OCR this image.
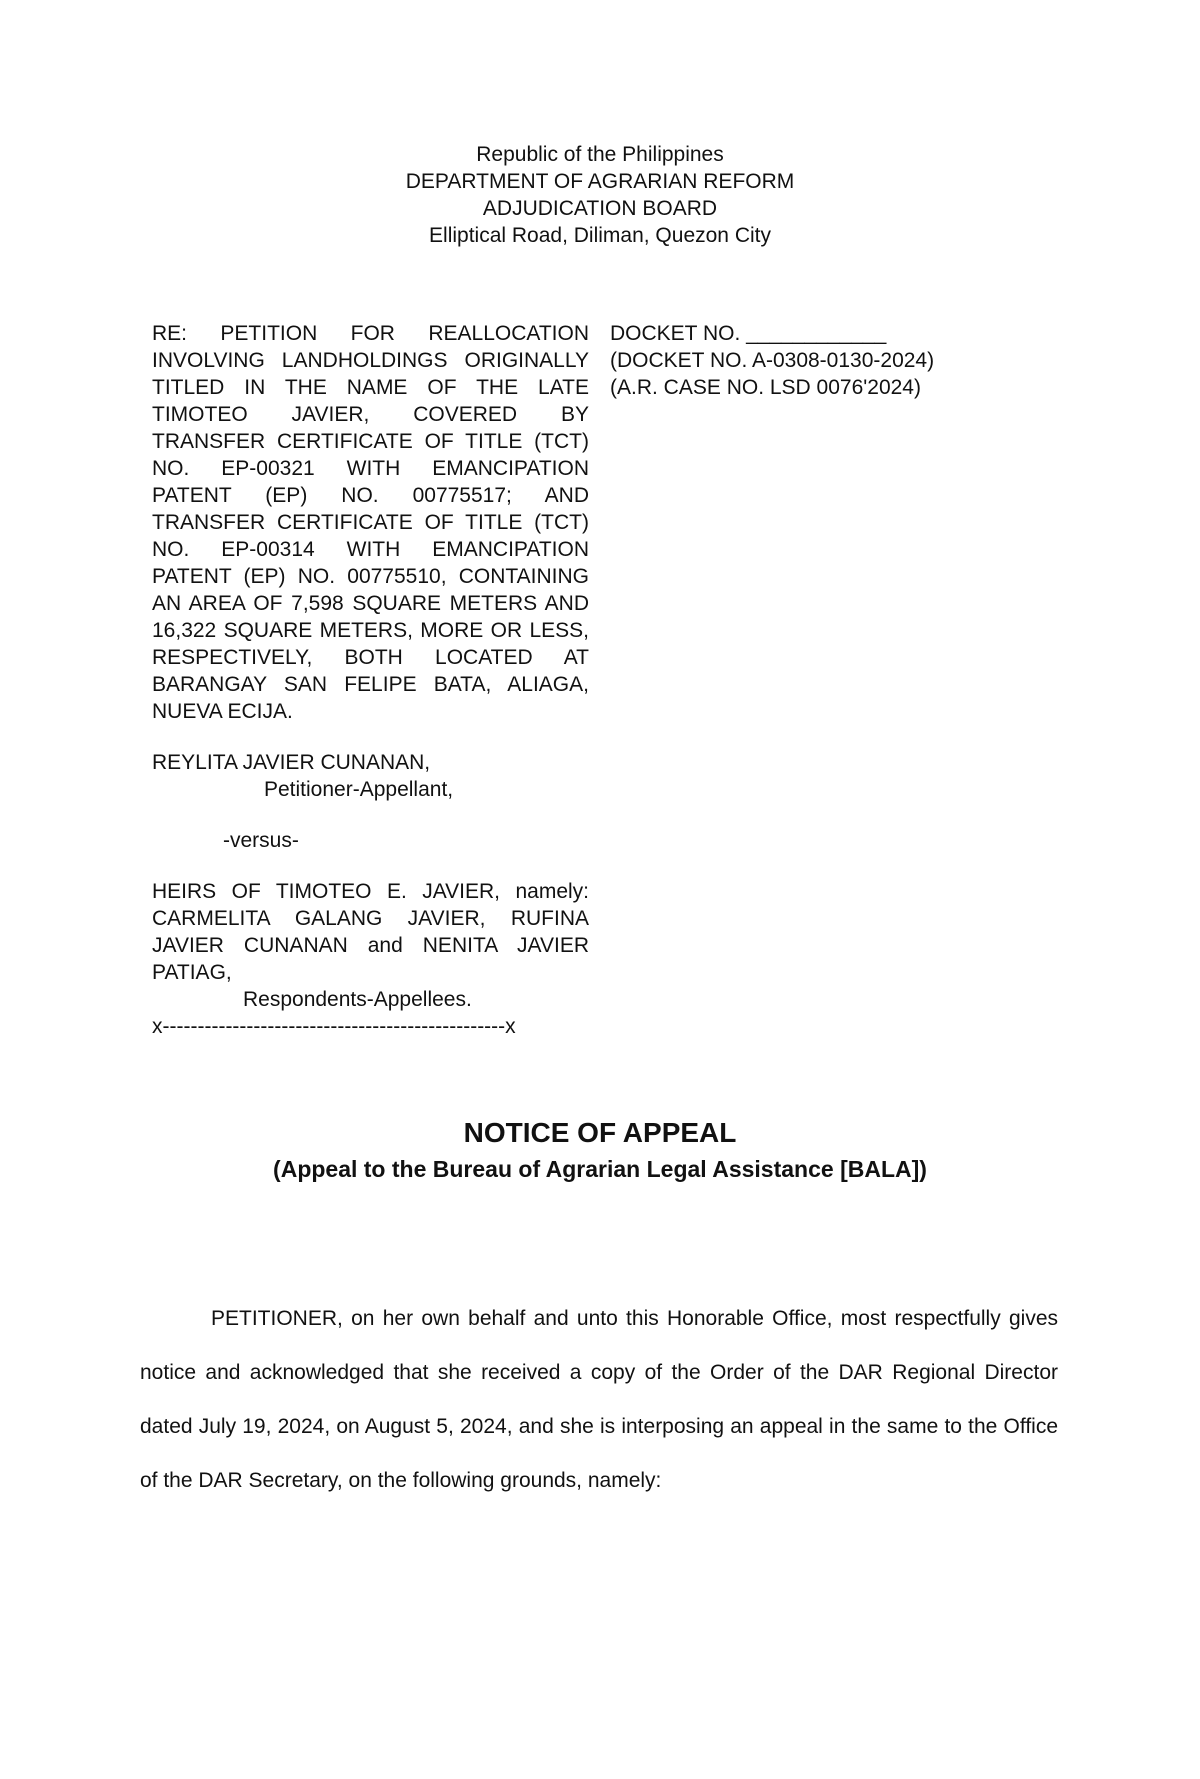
Republic of the Philippines
DEPARTMENT OF AGRARIAN REFORM
ADJUDICATION BOARD
Elliptical Road, Diliman, Quezon City
RE: PETITION FOR REALLOCATION INVOLVING LANDHOLDINGS ORIGINALLY TITLED IN THE NAME OF THE LATE TIMOTEO JAVIER, COVERED BY TRANSFER CERTIFICATE OF TITLE (TCT) NO. EP-00321 WITH EMANCIPATION PATENT (EP) NO. 00775517; AND TRANSFER CERTIFICATE OF TITLE (TCT) NO. EP-00314 WITH EMANCIPATION PATENT (EP) NO. 00775510, CONTAINING AN AREA OF 7,598 SQUARE METERS AND 16,322 SQUARE METERS, MORE OR LESS, RESPECTIVELY, BOTH LOCATED AT BARANGAY SAN FELIPE BATA, ALIAGA, NUEVA ECIJA.
REYLITA JAVIER CUNANAN,
Petitioner-Appellant,
-versus-
HEIRS OF TIMOTEO E. JAVIER, namely: CARMELITA GALANG JAVIER, RUFINA JAVIER CUNANAN and NENITA JAVIER PATIAG,
Respondents-Appellees.
x-------------------------------------------------x
DOCKET NO. ____________
(DOCKET NO. A-0308-0130-2024)
(A.R. CASE NO. LSD 0076'2024)
NOTICE OF APPEAL
(Appeal to the Bureau of Agrarian Legal Assistance [BALA])
PETITIONER, on her own behalf and unto this Honorable Office, most respectfully gives notice and acknowledged that she received a copy of the Order of the DAR Regional Director dated July 19, 2024, on August 5, 2024, and she is interposing an appeal in the same to the Office of the DAR Secretary, on the following grounds, namely:
